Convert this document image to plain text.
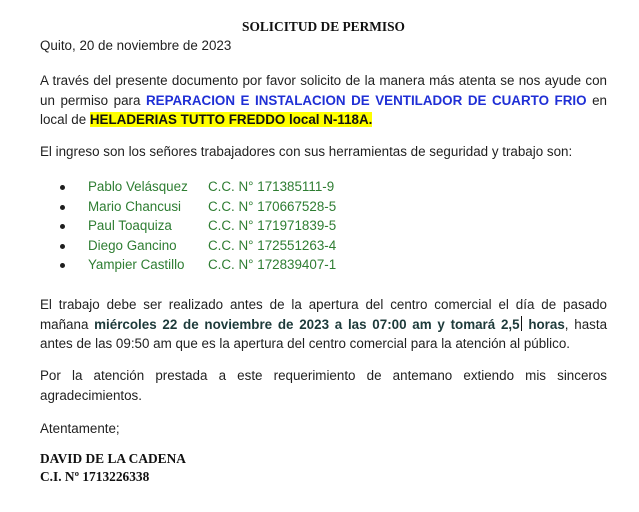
SOLICITUD DE PERMISO
Quito, 20 de noviembre de 2023
A través del presente documento por favor solicito de la manera más atenta se nos ayude con un permiso para REPARACION E INSTALACION DE VENTILADOR DE CUARTO FRIO en local de HELADERIAS TUTTO FREDDO local N-118A.
El ingreso son los señores trabajadores con sus herramientas de seguridad y trabajo son:
Pablo Velásquez C.C. N° 171385111-9
Mario Chancusi C.C. N° 170667528-5
Paul Toaquiza	C.C. N° 171971839-5
Diego Gancino C.C. N° 172551263-4
Yampier Castillo C.C. N° 172839407-1
El trabajo debe ser realizado antes de la apertura del centro comercial el día de pasado mañana miércoles 22 de noviembre de 2023 a las 07:00 am y tomará 2,5 horas, hasta antes de las 09:50 am que es la apertura del centro comercial para la atención al público.
Por la atención prestada a este requerimiento de antemano extiendo mis sinceros agradecimientos.
Atentamente;
DAVID DE LA CADENA
C.I. Nº 1713226338
